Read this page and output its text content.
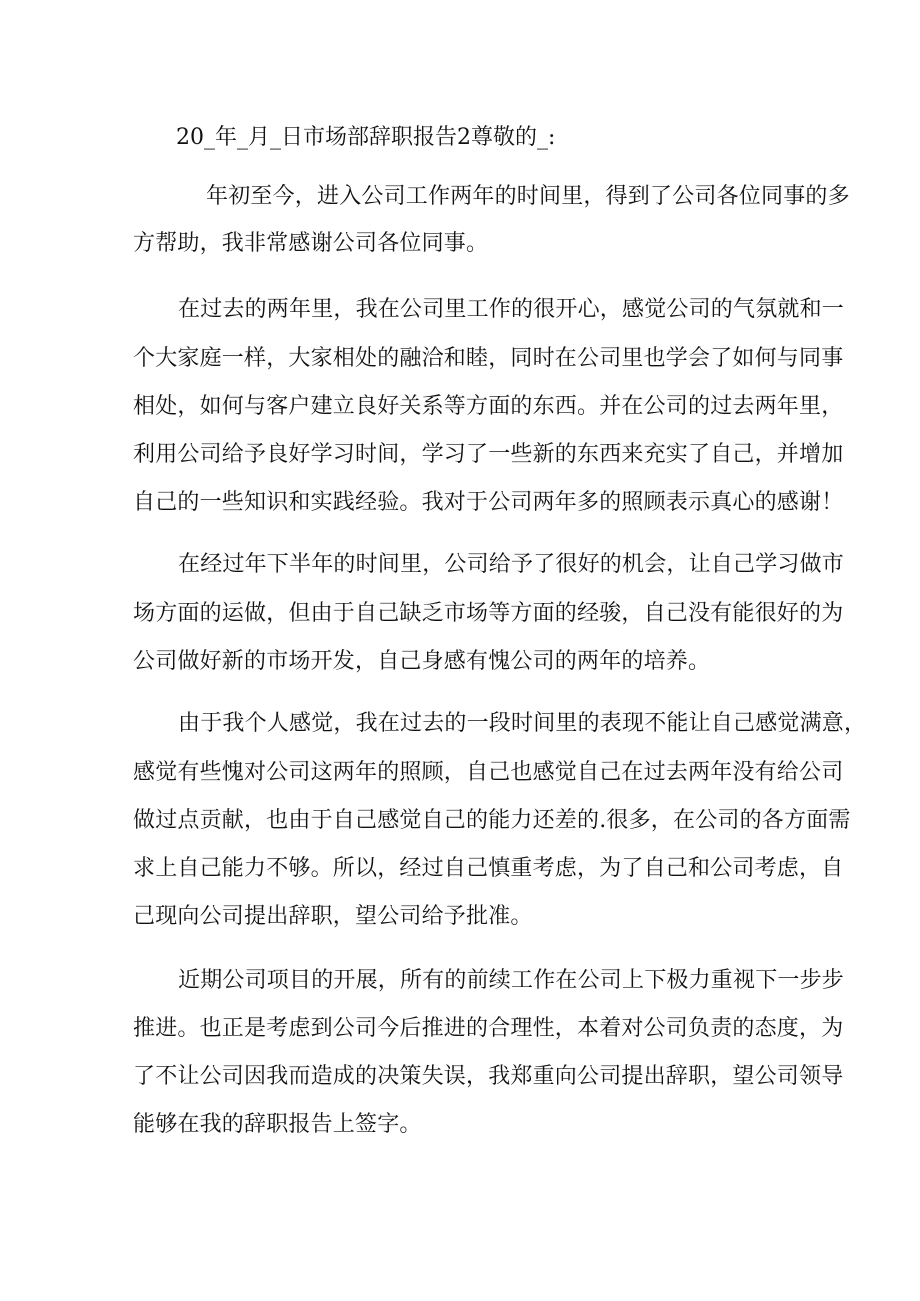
20_年_月_日市场部辞职报告2尊敬的_:
年初至今，进入公司工作两年的时间里，得到了公司各位同事的多
方帮助，我非常感谢公司各位同事。
在过去的两年里，我在公司里工作的很开心，感觉公司的气氛就和一
个大家庭一样，大家相处的融洽和睦，同时在公司里也学会了如何与同事
相处，如何与客户建立良好关系等方面的东西。并在公司的过去两年里，
利用公司给予良好学习时间，学习了一些新的东西来充实了自己，并增加
自己的一些知识和实践经验。我对于公司两年多的照顾表示真心的感谢！
在经过年下半年的时间里，公司给予了很好的机会，让自己学习做市
场方面的运做，但由于自己缺乏市场等方面的经骏，自己没有能很好的为
公司做好新的市场开发，自己身感有愧公司的两年的培养。
由于我个人感觉，我在过去的一段时间里的表现不能让自己感觉满意，
感觉有些愧对公司这两年的照顾，自己也感觉自己在过去两年没有给公司
做过点贡献，也由于自己感觉自己的能力还差的.很多，在公司的各方面需
求上自己能力不够。所以，经过自己慎重考虑，为了自己和公司考虑，自
己现向公司提出辞职，望公司给予批准。
近期公司项目的开展，所有的前续工作在公司上下极力重视下一步步
推进。也正是考虑到公司今后推进的合理性，本着对公司负责的态度，为
了不让公司因我而造成的决策失误，我郑重向公司提出辞职，望公司领导
能够在我的辞职报告上签字。
